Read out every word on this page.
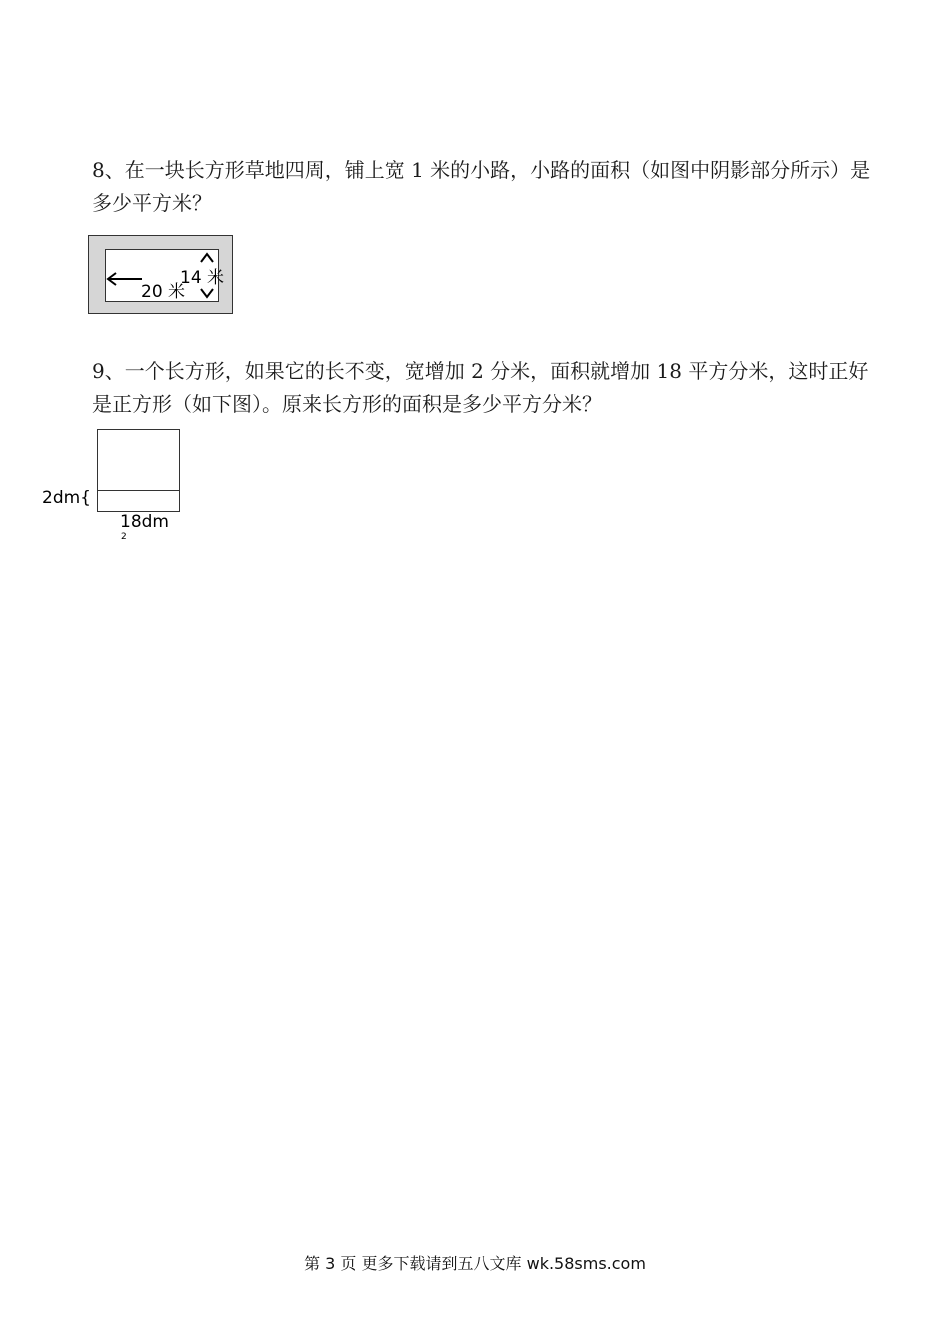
8、在一块长方形草地四周，铺上宽 1 米的小路，小路的面积（如图中阴影部分所示）是多少平方米？
20 米
14 米
9、一个长方形，如果它的长不变，宽增加 2 分米，面积就增加 18 平方分米，这时正好是正方形（如下图）。原来长方形的面积是多少平方分米？
2dm{
18dm
2
第 3 页 更多下载请到五八文库 wk.58sms.com
